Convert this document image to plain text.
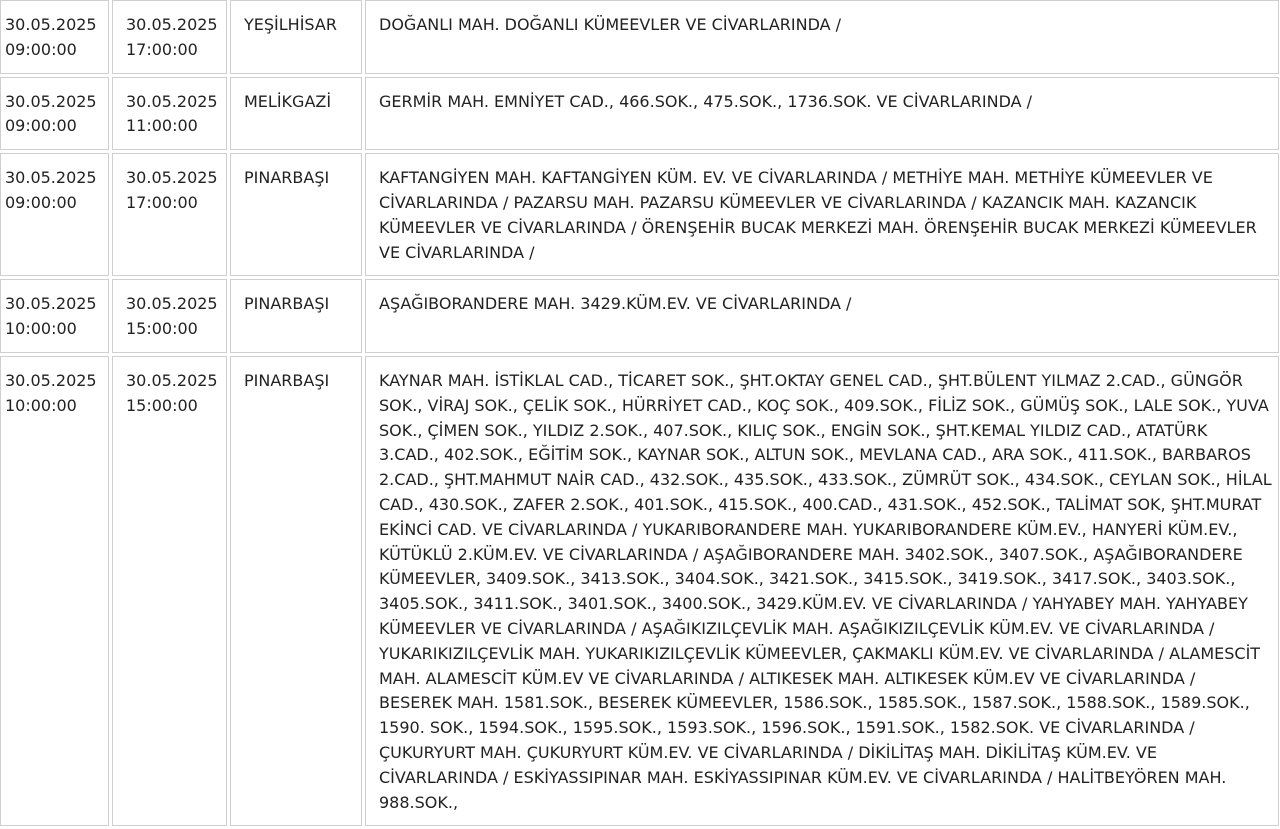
30.05.2025
09:00:00	30.05.2025
17:00:00	YEŞİLHİSAR	DOĞANLI MAH. DOĞANLI KÜMEEVLER VE CİVARLARINDA /

30.05.2025
09:00:00	30.05.2025
11:00:00	MELİKGAZİ	GERMİR MAH. EMNİYET CAD., 466.SOK., 475.SOK., 1736.SOK. VE CİVARLARINDA /

30.05.2025
09:00:00	30.05.2025
17:00:00	PINARBAŞI	KAFTANGİYEN MAH. KAFTANGİYEN KÜM. EV. VE CİVARLARINDA / METHİYE MAH. METHİYE KÜMEEVLER VE CİVARLARINDA / PAZARSU MAH. PAZARSU KÜMEEVLER VE CİVARLARINDA / KAZANCIK MAH. KAZANCIK KÜMEEVLER VE CİVARLARINDA / ÖRENŞEHİR BUCAK MERKEZİ MAH. ÖRENŞEHİR BUCAK MERKEZİ KÜMEEVLER VE CİVARLARINDA /

30.05.2025
10:00:00	30.05.2025
15:00:00	PINARBAŞI	AŞAĞIBORANDERE MAH. 3429.KÜM.EV. VE CİVARLARINDA /

30.05.2025
10:00:00	30.05.2025
15:00:00	PINARBAŞI	KAYNAR MAH. İSTİKLAL CAD., TİCARET SOK., ŞHT.OKTAY GENEL CAD., ŞHT.BÜLENT YILMAZ 2.CAD., GÜNGÖR SOK., VİRAJ SOK., ÇELİK SOK., HÜRRİYET CAD., KOÇ SOK., 409.SOK., FİLİZ SOK., GÜMÜŞ SOK., LALE SOK., YUVA SOK., ÇİMEN SOK., YILDIZ 2.SOK., 407.SOK., KILIÇ SOK., ENGİN SOK., ŞHT.KEMAL YILDIZ CAD., ATATÜRK 3.CAD., 402.SOK., EĞİTİM SOK., KAYNAR SOK., ALTUN SOK., MEVLANA CAD., ARA SOK., 411.SOK., BARBAROS 2.CAD., ŞHT.MAHMUT NAİR CAD., 432.SOK., 435.SOK., 433.SOK., ZÜMRÜT SOK., 434.SOK., CEYLAN SOK., HİLAL CAD., 430.SOK., ZAFER 2.SOK., 401.SOK., 415.SOK., 400.CAD., 431.SOK., 452.SOK., TALİMAT SOK, ŞHT.MURAT EKİNCİ CAD. VE CİVARLARINDA / YUKARIBORANDERE MAH. YUKARIBORANDERE KÜM.EV., HANYERİ KÜM.EV., KÜTÜKLÜ 2.KÜM.EV. VE CİVARLARINDA / AŞAĞIBORANDERE MAH. 3402.SOK., 3407.SOK., AŞAĞIBORANDERE KÜMEEVLER, 3409.SOK., 3413.SOK., 3404.SOK., 3421.SOK., 3415.SOK., 3419.SOK., 3417.SOK., 3403.SOK., 3405.SOK., 3411.SOK., 3401.SOK., 3400.SOK., 3429.KÜM.EV. VE CİVARLARINDA / YAHYABEY MAH. YAHYABEY KÜMEEVLER VE CİVARLARINDA / AŞAĞIKIZILÇEVLİK MAH. AŞAĞIKIZILÇEVLİK KÜM.EV. VE CİVARLARINDA / YUKARIKIZILÇEVLİK MAH. YUKARIKIZILÇEVLİK KÜMEEVLER, ÇAKMAKLI KÜM.EV. VE CİVARLARINDA / ALAMESCİT MAH. ALAMESCİT KÜM.EV VE CİVARLARINDA / ALTIKESEK MAH. ALTIKESEK KÜM.EV VE CİVARLARINDA / BESEREK MAH. 1581.SOK., BESEREK KÜMEEVLER, 1586.SOK., 1585.SOK., 1587.SOK., 1588.SOK., 1589.SOK., 1590. SOK., 1594.SOK., 1595.SOK., 1593.SOK., 1596.SOK., 1591.SOK., 1582.SOK. VE CİVARLARINDA / ÇUKURYURT MAH. ÇUKURYURT KÜM.EV. VE CİVARLARINDA / DİKİLİTAŞ MAH. DİKİLİTAŞ KÜM.EV. VE CİVARLARINDA / ESKİYASSIPINAR MAH. ESKİYASSIPINAR KÜM.EV. VE CİVARLARINDA / HALİTBEYÖREN MAH. 988.SOK.,
